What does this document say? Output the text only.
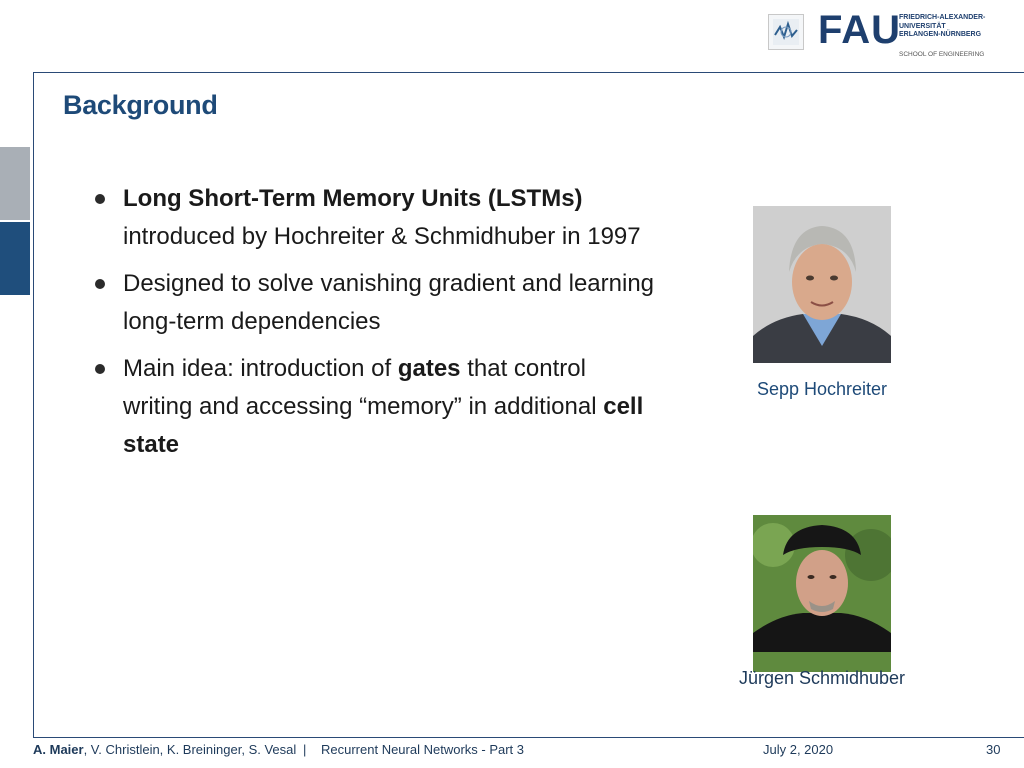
FAU
FRIEDRICH-ALEXANDER-
UNIVERSITÄT
ERLANGEN-NÜRNBERG
SCHOOL OF ENGINEERING
Background
Long Short-Term Memory Units (LSTMs) introduced by Hochreiter & Schmidhuber in 1997
Designed to solve vanishing gradient and learning long-term dependencies
Main idea: introduction of gates that control writing and accessing “memory” in additional cell state
Sepp Hochreiter
Jürgen Schmidhuber
A. Maier, V. Christlein, K. Breininger, S. Vesal | Recurrent Neural Networks - Part 3	July 2, 2020	30
